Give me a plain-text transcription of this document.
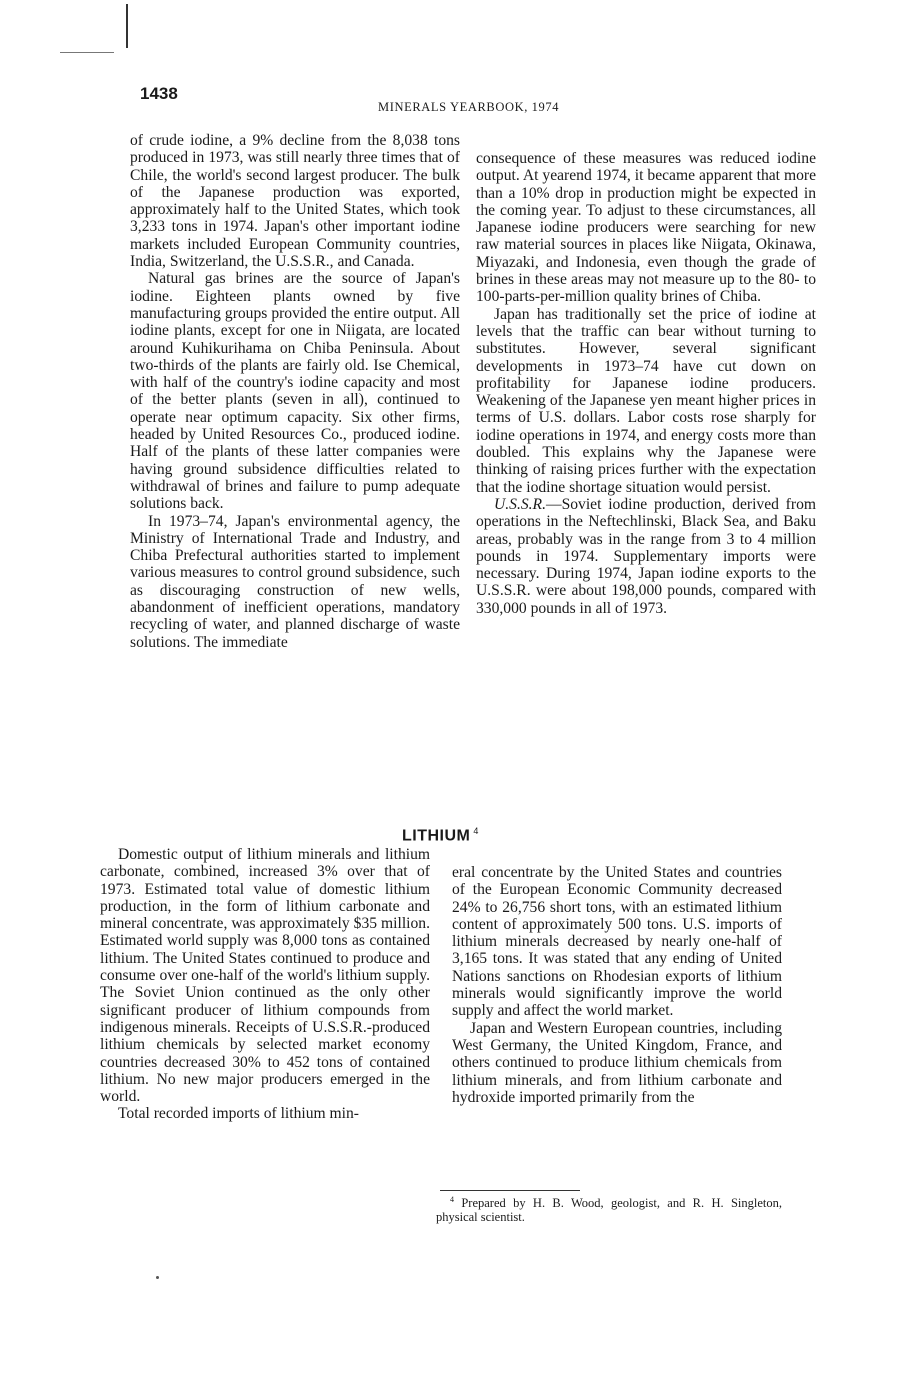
1438
MINERALS YEARBOOK, 1974

of crude iodine, a 9% decline from the 8,038 tons produced in 1973, was still nearly three times that of Chile, the world's second largest producer. The bulk of the Japanese production was exported, approximately half to the United States, which took 3,233 tons in 1974. Japan's other important iodine markets included European Community countries, India, Switzerland, the U.S.S.R., and Canada.

Natural gas brines are the source of Japan's iodine. Eighteen plants owned by five manufacturing groups provided the entire output. All iodine plants, except for one in Niigata, are located around Kuhikurihama on Chiba Peninsula. About two-thirds of the plants are fairly old. Ise Chemical, with half of the country's iodine capacity and most of the better plants (seven in all), continued to operate near optimum capacity. Six other firms, headed by United Resources Co., produced iodine. Half of the plants of these latter companies were having ground subsidence difficulties related to withdrawal of brines and failure to pump adequate solutions back.

In 1973–74, Japan's environmental agency, the Ministry of International Trade and Industry, and Chiba Prefectural authorities started to implement various measures to control ground subsidence, such as discouraging construction of new wells, abandonment of inefficient operations, mandatory recycling of water, and planned discharge of waste solutions. The immediate

consequence of these measures was reduced iodine output. At yearend 1974, it became apparent that more than a 10% drop in production might be expected in the coming year. To adjust to these circumstances, all Japanese iodine producers were searching for new raw material sources in places like Niigata, Okinawa, Miyazaki, and Indonesia, even though the grade of brines in these areas may not measure up to the 80- to 100-parts-per-million quality brines of Chiba.

Japan has traditionally set the price of iodine at levels that the traffic can bear without turning to substitutes. However, several significant developments in 1973–74 have cut down on profitability for Japanese iodine producers. Weakening of the Japanese yen meant higher prices in terms of U.S. dollars. Labor costs rose sharply for iodine operations in 1974, and energy costs more than doubled. This explains why the Japanese were thinking of raising prices further with the expectation that the iodine shortage situation would persist.

U.S.S.R.—Soviet iodine production, derived from operations in the Neftechlinski, Black Sea, and Baku areas, probably was in the range from 3 to 4 million pounds in 1974. Supplementary imports were necessary. During 1974, Japan iodine exports to the U.S.S.R. were about 198,000 pounds, compared with 330,000 pounds in all of 1973.

LITHIUM $^4$

Domestic output of lithium minerals and lithium carbonate, combined, increased 3% over that of 1973. Estimated total value of domestic lithium production, in the form of lithium carbonate and mineral concentrate, was approximately $35 million. Estimated world supply was 8,000 tons as contained lithium. The United States continued to produce and consume over one-half of the world's lithium supply. The Soviet Union continued as the only other significant producer of lithium compounds from indigenous minerals. Receipts of U.S.S.R.-produced lithium chemicals by selected market economy countries decreased 30% to 452 tons of contained lithium. No new major producers emerged in the world.

Total recorded imports of lithium min-

eral concentrate by the United States and countries of the European Economic Community decreased 24% to 26,756 short tons, with an estimated lithium content of approximately 500 tons. U.S. imports of lithium minerals decreased by nearly one-half of 3,165 tons. It was stated that any ending of United Nations sanctions on Rhodesian exports of lithium minerals would significantly improve the world supply and affect the world market.

Japan and Western European countries, including West Germany, the United Kingdom, France, and others continued to produce lithium chemicals from lithium minerals, and from lithium carbonate and hydroxide imported primarily from the

$^4$ Prepared by H. B. Wood, geologist, and R. H. Singleton, physical scientist.
